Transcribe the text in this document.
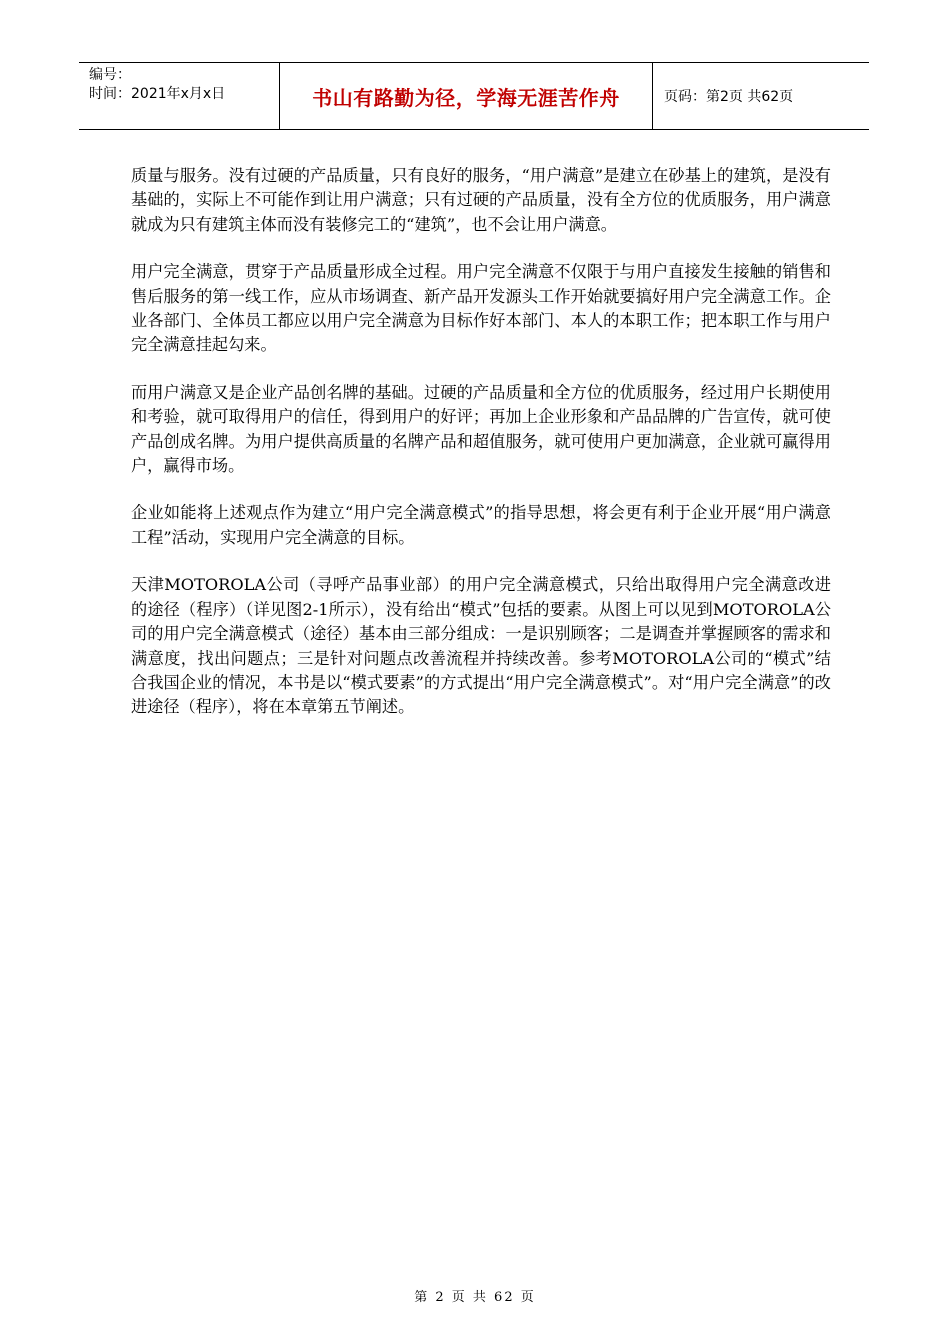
编号：
时间：2021年x月x日	书山有路勤为径，学海无涯苦作舟	页码：第2页 共62页

质量与服务。没有过硬的产品质量，只有良好的服务，“用户满意”是建立在砂基上的建筑，是没有基础的，实际上不可能作到让用户满意；只有过硬的产品质量，没有全方位的优质服务，用户满意就成为只有建筑主体而没有装修完工的“建筑”，也不会让用户满意。

用户完全满意，贯穿于产品质量形成全过程。用户完全满意不仅限于与用户直接发生接触的销售和售后服务的第一线工作，应从市场调查、新产品开发源头工作开始就要搞好用户完全满意工作。企业各部门、全体员工都应以用户完全满意为目标作好本部门、本人的本职工作；把本职工作与用户完全满意挂起勾来。

而用户满意又是企业产品创名牌的基础。过硬的产品质量和全方位的优质服务，经过用户长期使用和考验，就可取得用户的信任，得到用户的好评；再加上企业形象和产品品牌的广告宣传，就可使产品创成名牌。为用户提供高质量的名牌产品和超值服务，就可使用户更加满意，企业就可赢得用户，赢得市场。

企业如能将上述观点作为建立“用户完全满意模式”的指导思想，将会更有利于企业开展“用户满意工程”活动，实现用户完全满意的目标。

天津MOTOROLA公司（寻呼产品事业部）的用户完全满意模式，只给出取得用户完全满意改进的途径（程序）（详见图2-1所示），没有给出“模式”包括的要素。从图上可以见到MOTOROLA公司的用户完全满意模式（途径）基本由三部分组成：一是识别顾客；二是调查并掌握顾客的需求和满意度，找出问题点；三是针对问题点改善流程并持续改善。参考MOTOROLA公司的“模式”结合我国企业的情况，本书是以“模式要素”的方式提出“用户完全满意模式”。对“用户完全满意”的改进途径（程序），将在本章第五节阐述。

第 2 页 共 62 页
